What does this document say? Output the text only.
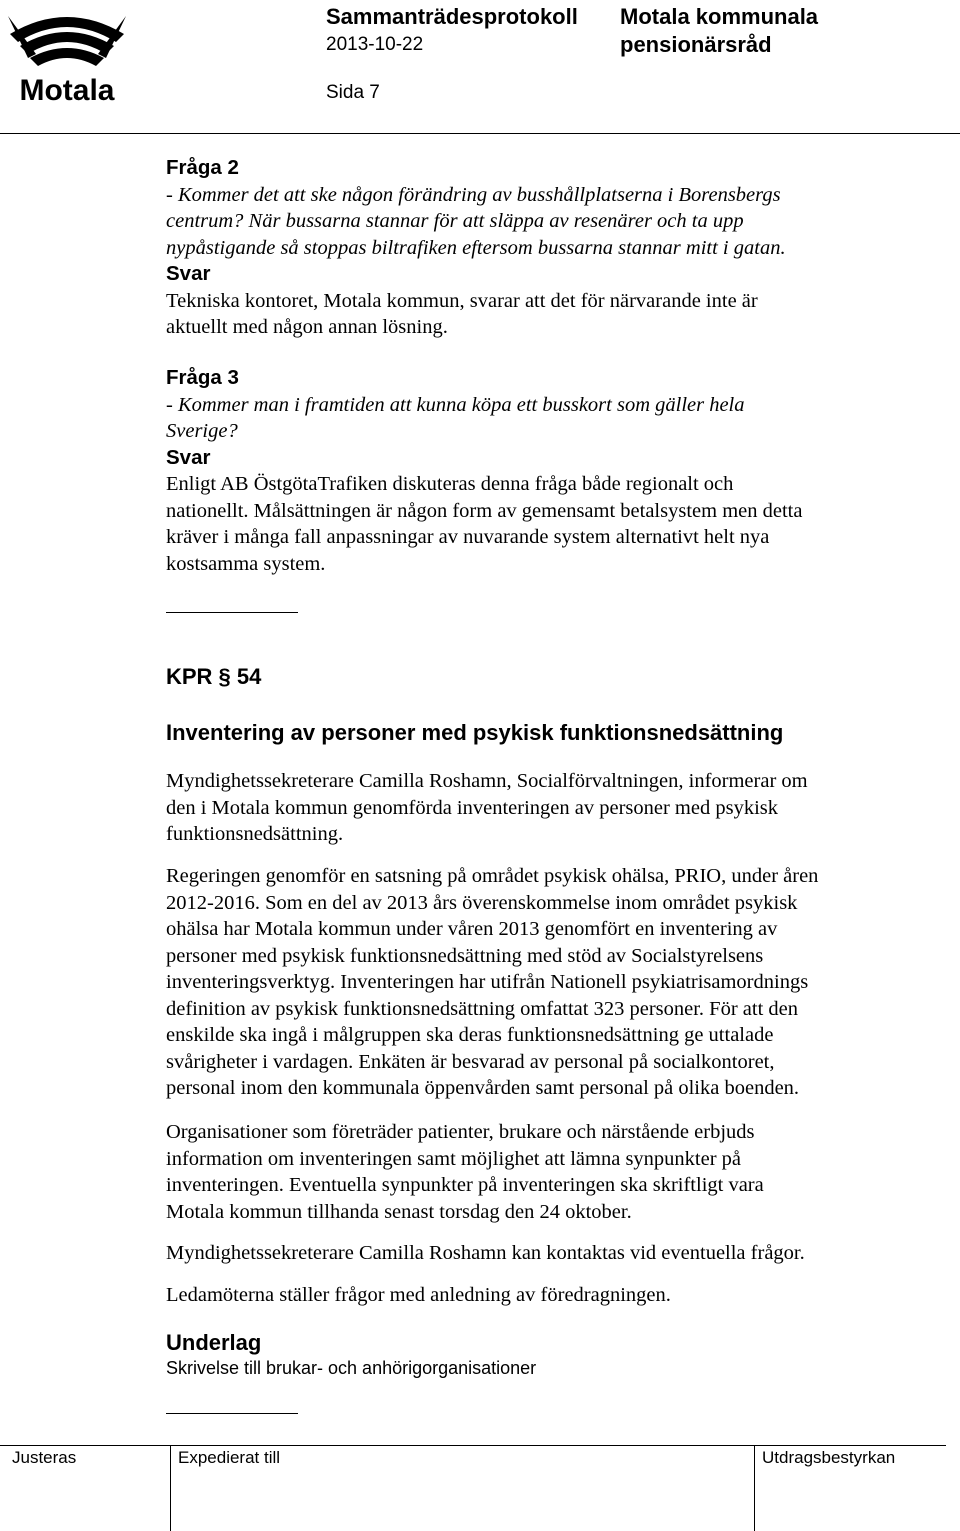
Motala
Sammanträdesprotokoll
2013-10-22
Motala kommunala
pensionärsråd
Sida 7
Fråga 2
- Kommer det att ske någon förändring av busshållplatserna i Borensbergs
centrum? När bussarna stannar för att släppa av resenärer och ta upp
nypåstigande så stoppas biltrafiken eftersom bussarna stannar mitt i gatan.
Svar
Tekniska kontoret, Motala kommun, svarar att det för närvarande inte är
aktuellt med någon annan lösning.
Fråga 3
- Kommer man i framtiden att kunna köpa ett busskort som gäller hela
Sverige?
Svar
Enligt AB ÖstgötaTrafiken diskuteras denna fråga både regionalt och
nationellt. Målsättningen är någon form av gemensamt betalsystem men detta
kräver i många fall anpassningar av nuvarande system alternativt helt nya
kostsamma system.
KPR § 54
Inventering av personer med psykisk funktionsnedsättning
Myndighetssekreterare Camilla Roshamn, Socialförvaltningen, informerar om
den i Motala kommun genomförda inventeringen av personer med psykisk
funktionsnedsättning.
Regeringen genomför en satsning på området psykisk ohälsa, PRIO, under åren
2012-2016. Som en del av 2013 års överenskommelse inom området psykisk
ohälsa har Motala kommun under våren 2013 genomfört en inventering av
personer med psykisk funktionsnedsättning med stöd av Socialstyrelsens
inventeringsverktyg. Inventeringen har utifrån Nationell psykiatrisamordnings
definition av psykisk funktionsnedsättning omfattat 323 personer. För att den
enskilde ska ingå i målgruppen ska deras funktionsnedsättning ge uttalade
svårigheter i vardagen. Enkäten är besvarad av personal på socialkontoret,
personal inom den kommunala öppenvården samt personal på olika boenden.
Organisationer som företräder patienter, brukare och närstående erbjuds
information om inventeringen samt möjlighet att lämna synpunkter på
inventeringen. Eventuella synpunkter på inventeringen ska skriftligt vara
Motala kommun tillhanda senast torsdag den 24 oktober.
Myndighetssekreterare Camilla Roshamn kan kontaktas vid eventuella frågor.
Ledamöterna ställer frågor med anledning av föredragningen.
Underlag
Skrivelse till brukar- och anhörigorganisationer
Justeras	Expedierat till	Utdragsbestyrkan
